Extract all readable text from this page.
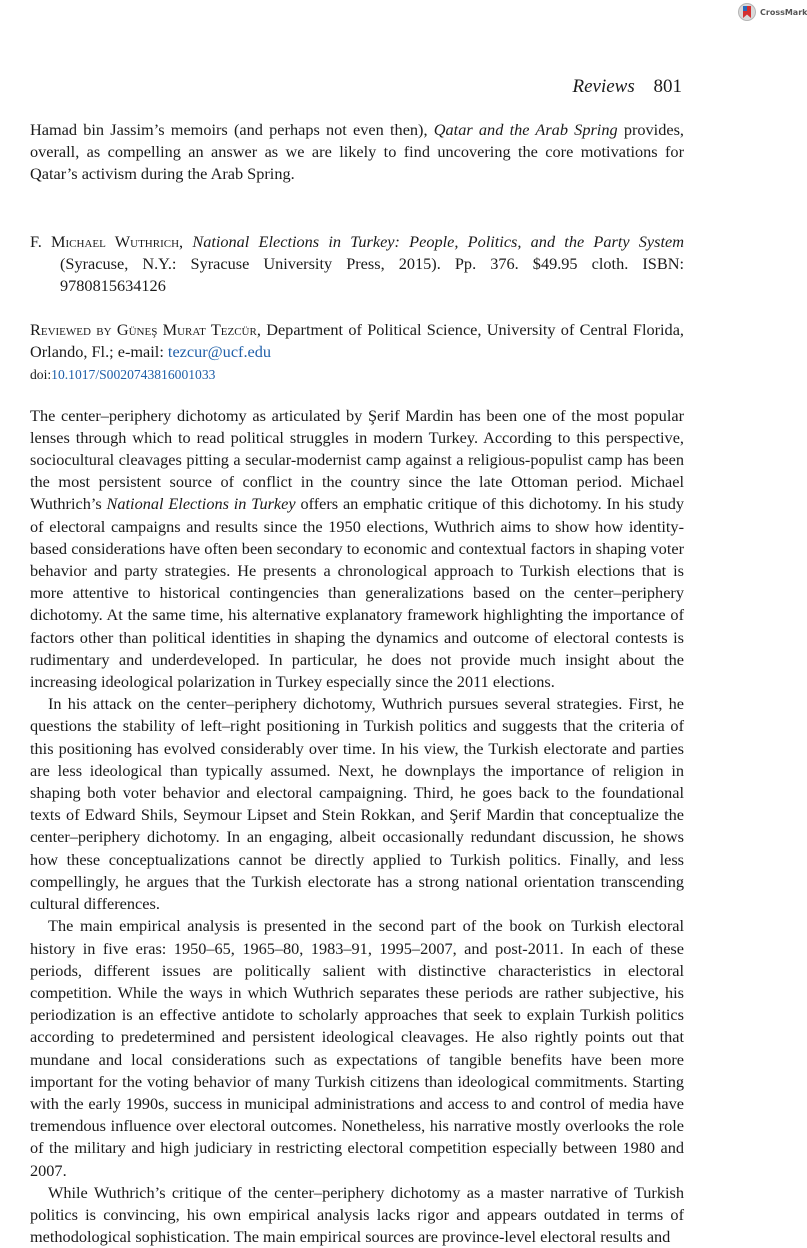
CrossMark
Reviews 801

Hamad bin Jassim’s memoirs (and perhaps not even then), Qatar and the Arab Spring provides, overall, as compelling an answer as we are likely to find uncovering the core motivations for Qatar’s activism during the Arab Spring.

F. Michael Wuthrich, National Elections in Turkey: People, Politics, and the Party System (Syracuse, N.Y.: Syracuse University Press, 2015). Pp. 376. $49.95 cloth. ISBN: 9780815634126

Reviewed by Güneş Murat Tezcür, Department of Political Science, University of Central Florida, Orlando, Fl.; e-mail: tezcur@ucf.edu

doi:10.1017/S0020743816001033

The center–periphery dichotomy as articulated by Şerif Mardin has been one of the most popular lenses through which to read political struggles in modern Turkey. According to this perspective, sociocultural cleavages pitting a secular-modernist camp against a religious-populist camp has been the most persistent source of conflict in the country since the late Ottoman period. Michael Wuthrich’s National Elections in Turkey offers an emphatic critique of this dichotomy. In his study of electoral campaigns and results since the 1950 elections, Wuthrich aims to show how identity-based considerations have often been secondary to economic and contextual factors in shaping voter behavior and party strategies. He presents a chronological approach to Turkish elections that is more attentive to historical contingencies than generalizations based on the center–periphery dichotomy. At the same time, his alternative explanatory framework highlighting the importance of factors other than political identities in shaping the dynamics and outcome of electoral contests is rudimentary and underdeveloped. In particular, he does not provide much insight about the increasing ideological polarization in Turkey especially since the 2011 elections.

In his attack on the center–periphery dichotomy, Wuthrich pursues several strategies. First, he questions the stability of left–right positioning in Turkish politics and suggests that the criteria of this positioning has evolved considerably over time. In his view, the Turkish electorate and parties are less ideological than typically assumed. Next, he downplays the importance of religion in shaping both voter behavior and electoral campaigning. Third, he goes back to the foundational texts of Edward Shils, Seymour Lipset and Stein Rokkan, and Şerif Mardin that conceptualize the center–periphery dichotomy. In an engaging, albeit occasionally redundant discussion, he shows how these conceptualizations cannot be directly applied to Turkish politics. Finally, and less compellingly, he argues that the Turkish electorate has a strong national orientation transcending cultural differences.

The main empirical analysis is presented in the second part of the book on Turkish electoral history in five eras: 1950–65, 1965–80, 1983–91, 1995–2007, and post-2011. In each of these periods, different issues are politically salient with distinctive characteristics in electoral competition. While the ways in which Wuthrich separates these periods are rather subjective, his periodization is an effective antidote to scholarly approaches that seek to explain Turkish politics according to predetermined and persistent ideological cleavages. He also rightly points out that mundane and local considerations such as expectations of tangible benefits have been more important for the voting behavior of many Turkish citizens than ideological commitments. Starting with the early 1990s, success in municipal administrations and access to and control of media have tremendous influence over electoral outcomes. Nonetheless, his narrative mostly overlooks the role of the military and high judiciary in restricting electoral competition especially between 1980 and 2007.

While Wuthrich’s critique of the center–periphery dichotomy as a master narrative of Turkish politics is convincing, his own empirical analysis lacks rigor and appears outdated in terms of methodological sophistication. The main empirical sources are province-level electoral results and
